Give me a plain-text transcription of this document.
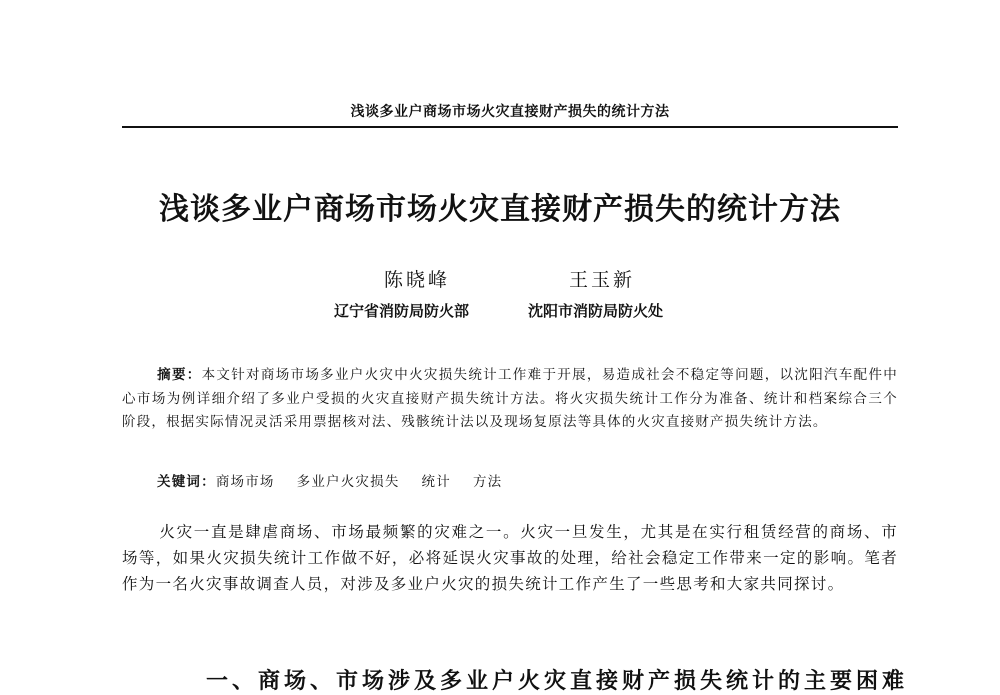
浅谈多业户商场市场火灾直接财产损失的统计方法
浅谈多业户商场市场火灾直接财产损失的统计方法
陈晓峰	王玉新
辽宁省消防局防火部	沈阳市消防局防火处
摘要：本文针对商场市场多业户火灾中火灾损失统计工作难于开展，易造成社会不稳定等问题，以沈阳汽车配件中心市场为例详细介绍了多业户受损的火灾直接财产损失统计方法。将火灾损失统计工作分为准备、统计和档案综合三个阶段，根据实际情况灵活采用票据核对法、残骸统计法以及现场复原法等具体的火灾直接财产损失统计方法。
关键词：商场市场 多业户火灾损失 统计 方法
火灾一直是肆虐商场、市场最频繁的灾难之一。火灾一旦发生，尤其是在实行租赁经营的商场、市场等，如果火灾损失统计工作做不好，必将延误火灾事故的处理，给社会稳定工作带来一定的影响。笔者作为一名火灾事故调查人员，对涉及多业户火灾的损失统计工作产生了一些思考和大家共同探讨。
一、商场、市场涉及多业户火灾直接财产损失统计的主要困难
